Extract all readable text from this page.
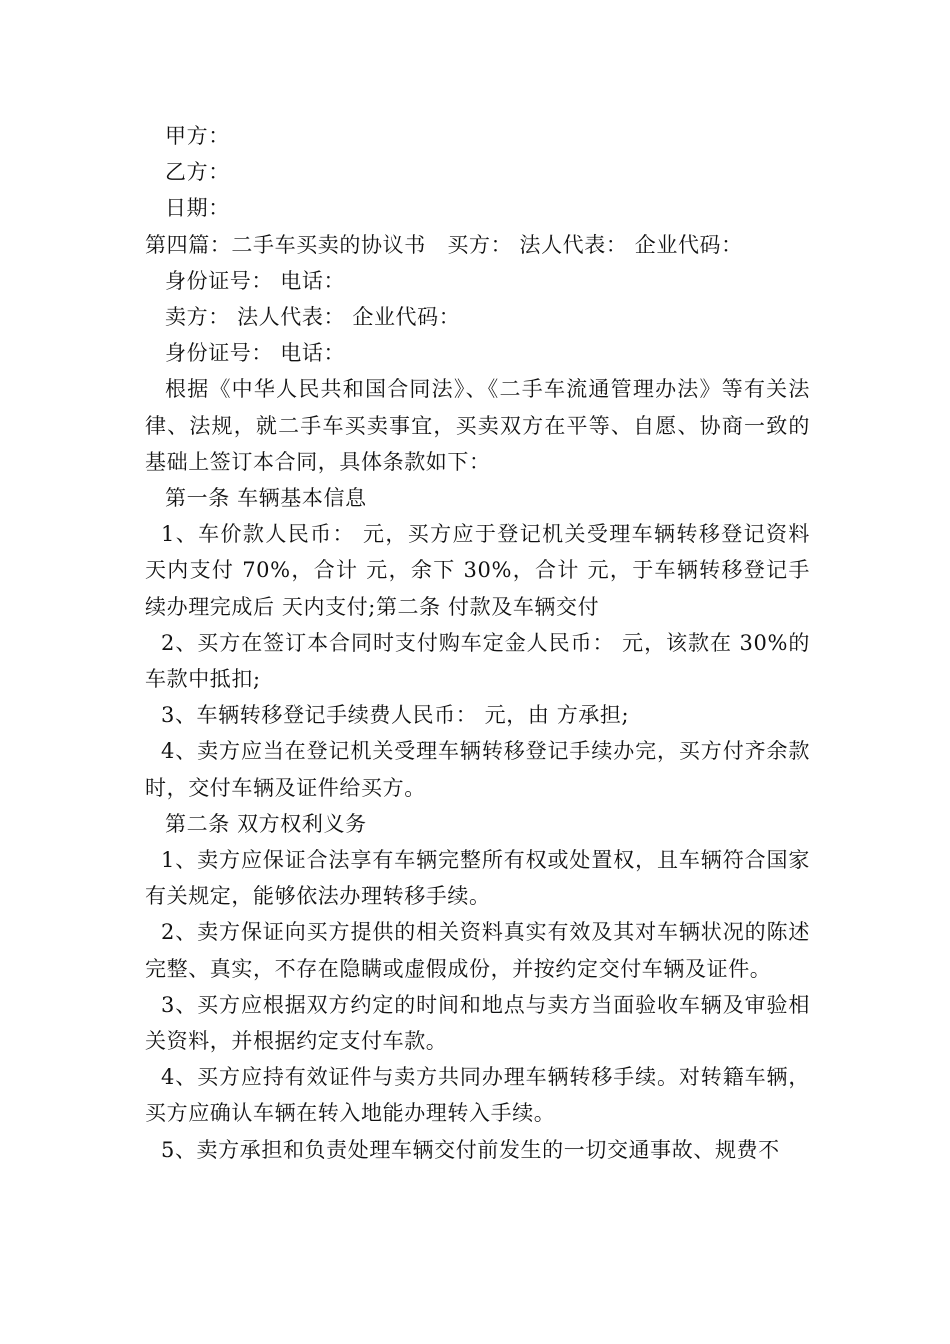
甲方：

乙方：

日期：

第四篇：二手车买卖的协议书　买方： 法人代表： 企业代码：

身份证号： 电话：

卖方： 法人代表： 企业代码：

身份证号： 电话：

根据《中华人民共和国合同法》、《二手车流通管理办法》等有关法律、法规，就二手车买卖事宜，买卖双方在平等、自愿、协商一致的基础上签订本合同，具体条款如下：

第一条 车辆基本信息

1、车价款人民币： 元，买方应于登记机关受理车辆转移登记资料 天内支付 70%，合计 元，余下 30%，合计 元，于车辆转移登记手续办理完成后 天内支付;第二条 付款及车辆交付

2、买方在签订本合同时支付购车定金人民币： 元，该款在 30%的车款中抵扣;

3、车辆转移登记手续费人民币： 元，由 方承担;

4、卖方应当在登记机关受理车辆转移登记手续办完，买方付齐余款时，交付车辆及证件给买方。

第二条 双方权利义务

1、卖方应保证合法享有车辆完整所有权或处置权，且车辆符合国家有关规定，能够依法办理转移手续。

2、卖方保证向买方提供的相关资料真实有效及其对车辆状况的陈述完整、真实，不存在隐瞒或虚假成份，并按约定交付车辆及证件。

3、买方应根据双方约定的时间和地点与卖方当面验收车辆及审验相关资料，并根据约定支付车款。

4、买方应持有效证件与卖方共同办理车辆转移手续。对转籍车辆，买方应确认车辆在转入地能办理转入手续。

5、卖方承担和负责处理车辆交付前发生的一切交通事故、规费不
